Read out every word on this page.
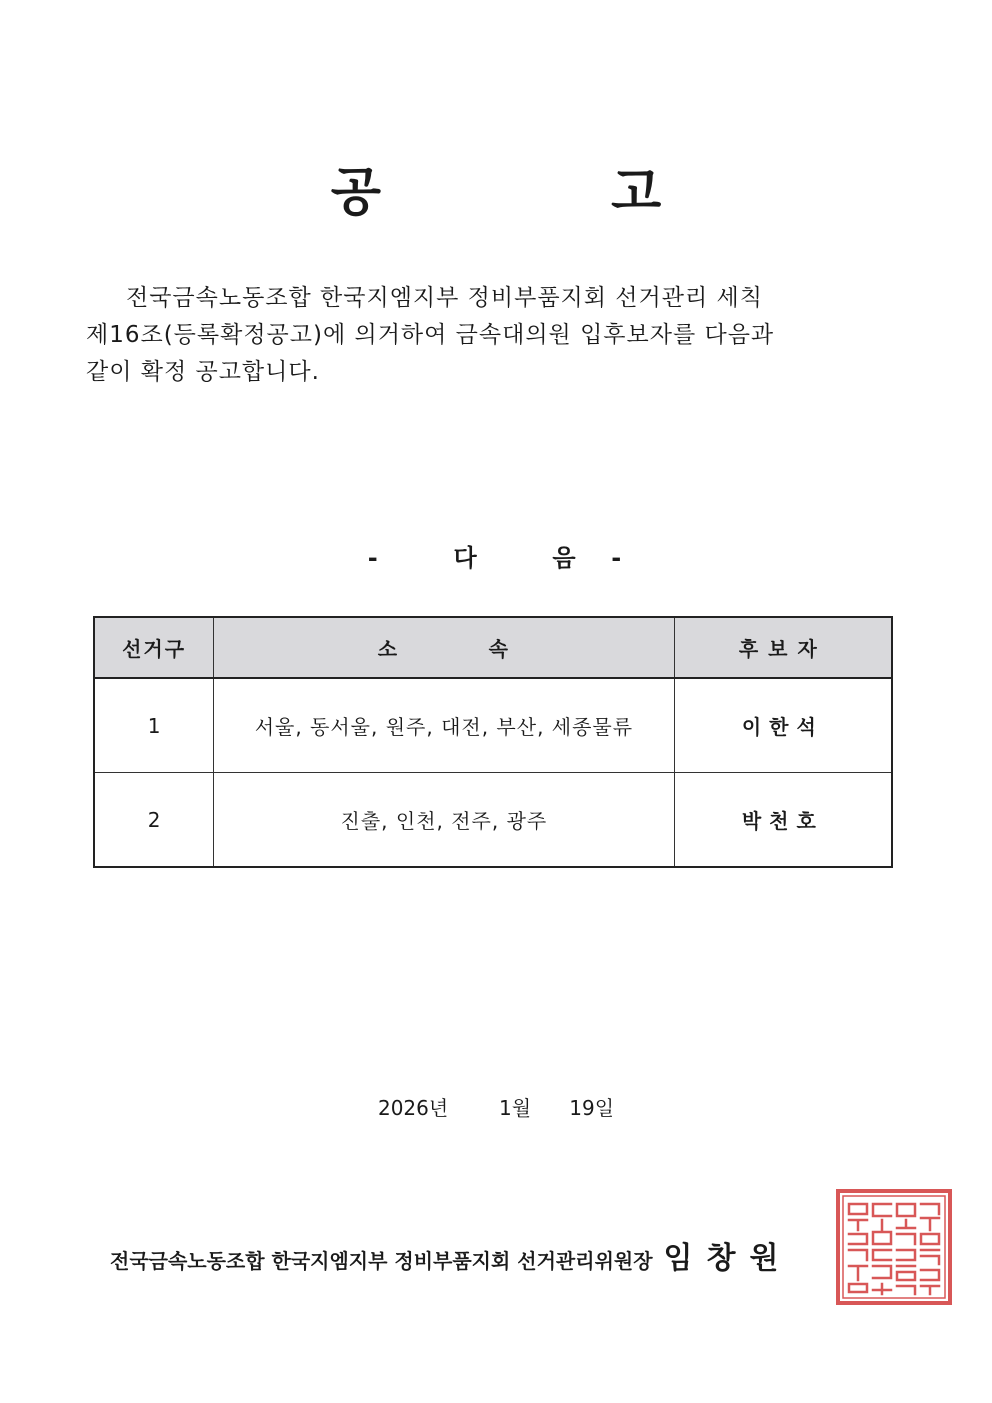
공	고
전국금속노동조합 한국지엠지부 정비부품지회 선거관리 세칙
제16조(등록확정공고)에 의거하여 금속대의원 입후보자를 다음과
같이 확정 공고합니다.
-	다	음 -
선거구	소          속	후보자
1	서울, 동서울, 원주, 대전, 부산, 세종물류	이한석
2	진출, 인천, 전주, 광주	박천호
2026년	1월 19일
전국금속노동조합 한국지엠지부 정비부품지회 선거관리위원장 임창원
